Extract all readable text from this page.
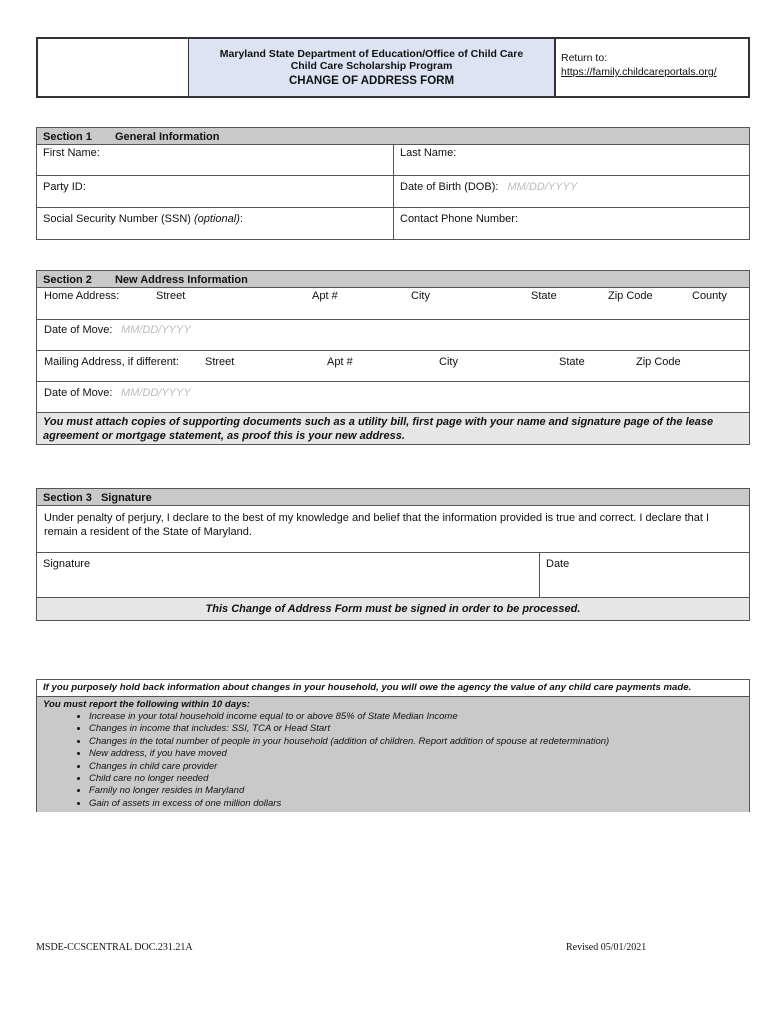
Maryland State Department of Education/Office of Child Care
Child Care Scholarship Program
CHANGE OF ADDRESS FORM
Return to:
https://family.childcareportals.org/
Section 1 General Information
First Name:	Last Name:
Party ID:	Date of Birth (DOB): MM/DD/YYYY
Social Security Number (SSN) (optional):	Contact Phone Number:
Section 2 New Address Information
Home Address:	Street	Apt #	City	State	Zip Code	County
Date of Move: MM/DD/YYYY
Mailing Address, if different: Street	Apt #	City	State	Zip Code
Date of Move: MM/DD/YYYY
You must attach copies of supporting documents such as a utility bill, first page with your name and signature page of the lease agreement or mortgage statement, as proof this is your new address.
Section 3 Signature
Under penalty of perjury, I declare to the best of my knowledge and belief that the information provided is true and correct. I declare that I remain a resident of the State of Maryland.
Signature	Date
This Change of Address Form must be signed in order to be processed.
If you purposely hold back information about changes in your household, you will owe the agency the value of any child care payments made.
You must report the following within 10 days:
• Increase in your total household income equal to or above 85% of State Median Income
• Changes in income that includes: SSI, TCA or Head Start
• Changes in the total number of people in your household (addition of children. Report addition of spouse at redetermination)
• New address, if you have moved
• Changes in child care provider
• Child care no longer needed
• Family no longer resides in Maryland
• Gain of assets in excess of one million dollars
MSDE-CCSCENTRAL DOC.231.21A	Revised 05/01/2021
